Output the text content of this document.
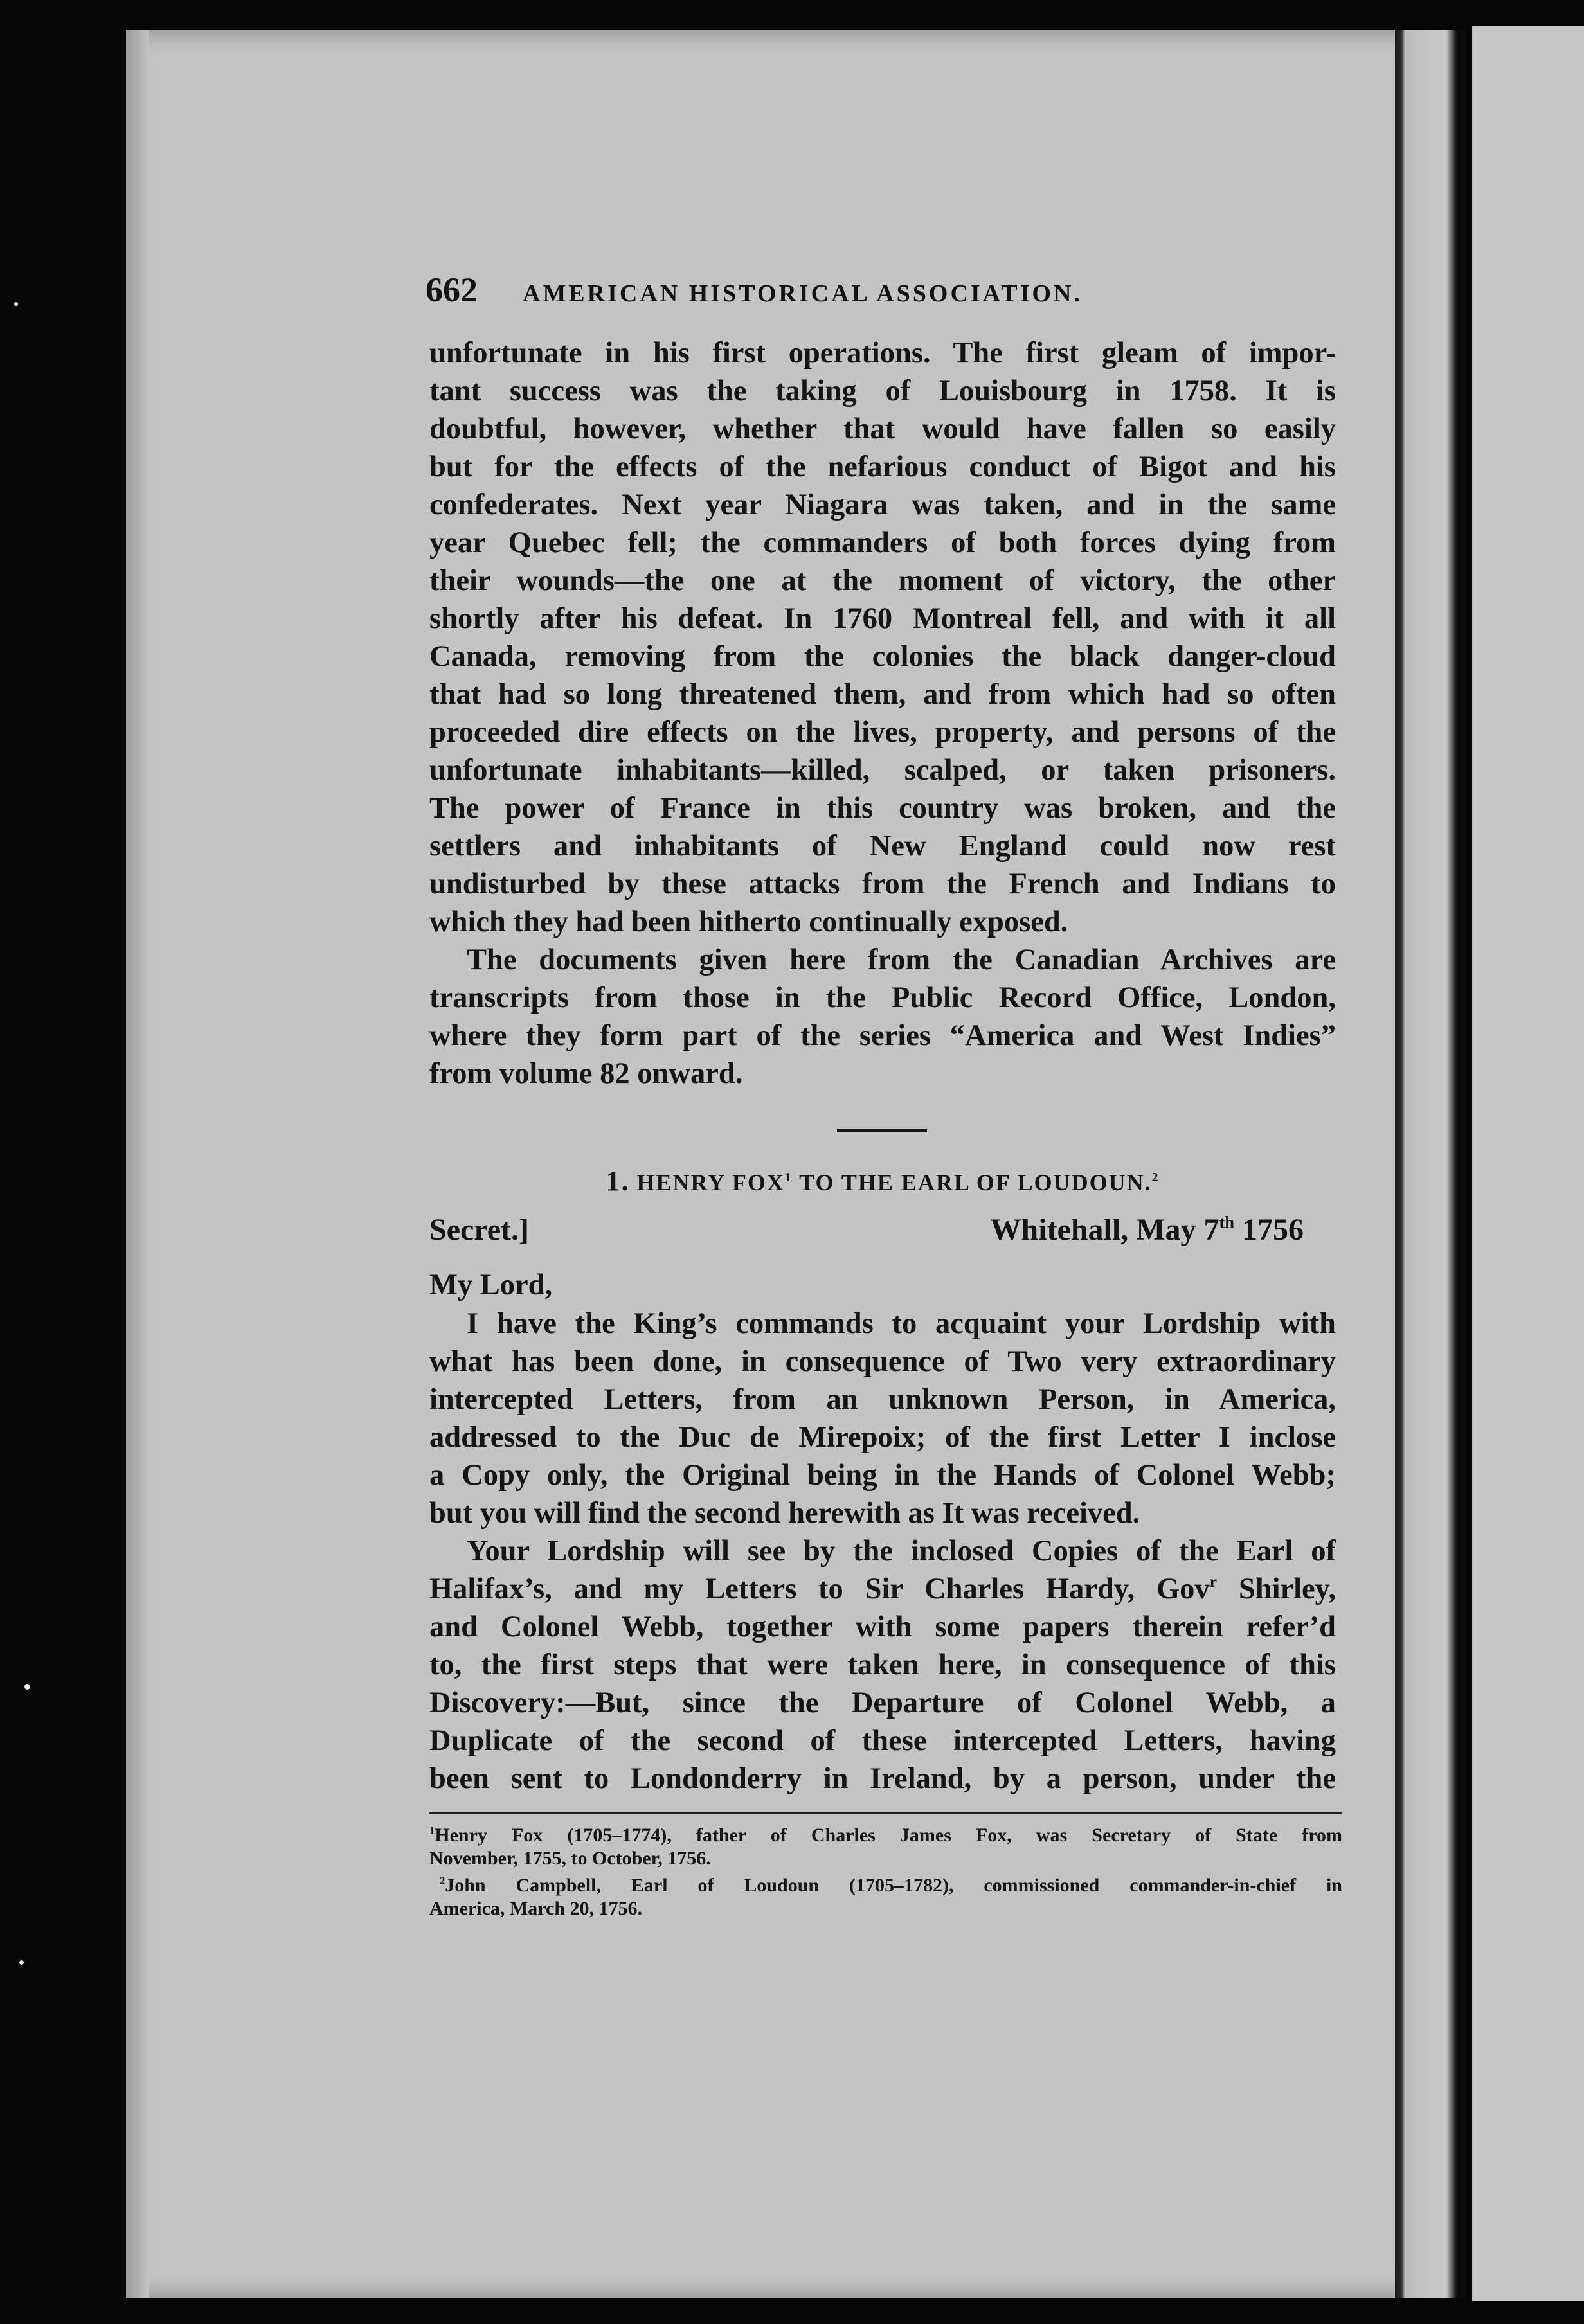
662 AMERICAN HISTORICAL ASSOCIATION.
unfortunate in his first operations. The first gleam of impor-
tant success was the taking of Louisbourg in 1758. It is
doubtful, however, whether that would have fallen so easily
but for the effects of the nefarious conduct of Bigot and his
confederates. Next year Niagara was taken, and in the same
year Quebec fell; the commanders of both forces dying from
their wounds—the one at the moment of victory, the other
shortly after his defeat. In 1760 Montreal fell, and with it all
Canada, removing from the colonies the black danger-cloud
that had so long threatened them, and from which had so often
proceeded dire effects on the lives, property, and persons of the
unfortunate inhabitants—killed, scalped, or taken prisoners.
The power of France in this country was broken, and the
settlers and inhabitants of New England could now rest
undisturbed by these attacks from the French and Indians to
which they had been hitherto continually exposed.
The documents given here from the Canadian Archives are
transcripts from those in the Public Record Office, London,
where they form part of the series “America and West Indies”
from volume 82 onward.
1. HENRY FOX$^1$ TO THE EARL OF LOUDOUN.$^2$
Secret.]	Whitehall, May 7th 1756
My Lord,
I have the King’s commands to acquaint your Lordship with
what has been done, in consequence of Two very extraordinary
intercepted Letters, from an unknown Person, in America,
addressed to the Duc de Mirepoix; of the first Letter I inclose
a Copy only, the Original being in the Hands of Colonel Webb;
but you will find the second herewith as It was received.
Your Lordship will see by the inclosed Copies of the Earl of
Halifax’s, and my Letters to Sir Charles Hardy, Gov$^r$ Shirley,
and Colonel Webb, together with some papers therein refer’d
to, the first steps that were taken here, in consequence of this
Discovery:—But, since the Departure of Colonel Webb, a
Duplicate of the second of these intercepted Letters, having
been sent to Londonderry in Ireland, by a person, under the
$^1$Henry Fox (1705–1774), father of Charles James Fox, was Secretary of State from
November, 1755, to October, 1756.
$^2$John Campbell, Earl of Loudoun (1705–1782), commissioned commander-in-chief in
America, March 20, 1756.
